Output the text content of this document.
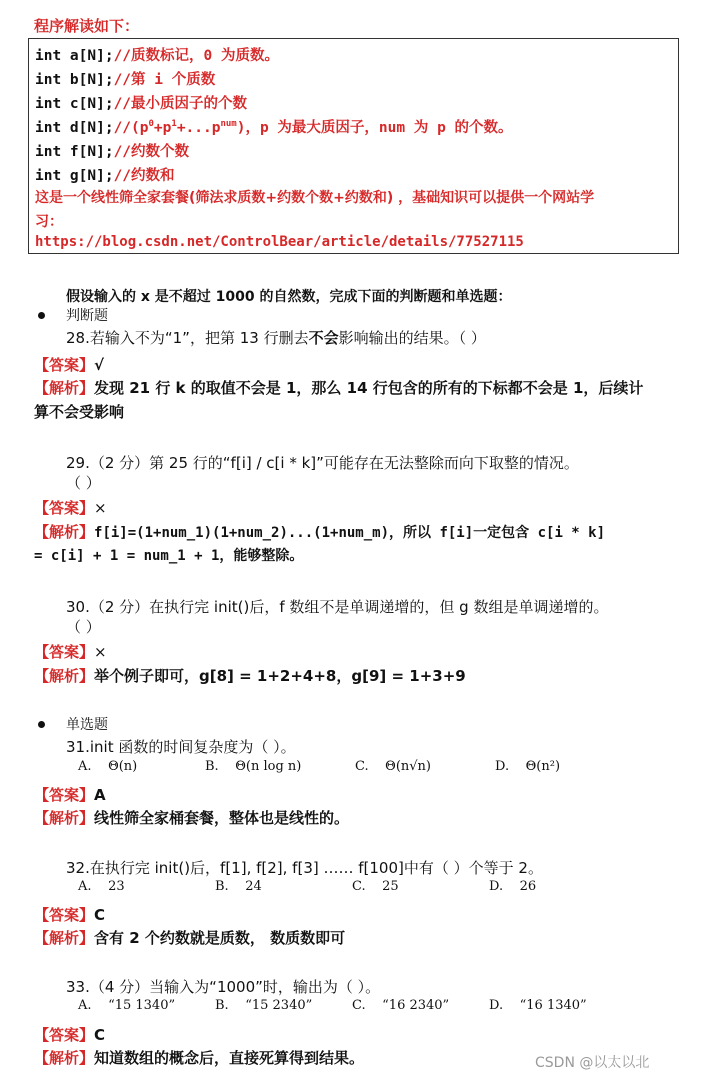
程序解读如下：
int a[N];//质数标记，0 为质数。
int b[N];//第 i 个质数
int c[N];//最小质因子的个数
int $d[N];//(p^0+p^1+...p^{num})$，p 为最大质因子，num 为 p 的个数。
int f[N];//约数个数
int g[N];//约数和
这是一个线性筛全家套餐(筛法求质数+约数个数+约数和) ，基础知识可以提供一个网站学
习：
https://blog.csdn.net/ControlBear/article/details/77527115
假设输入的 x 是不超过 1000 的自然数，完成下面的判断题和单选题：
判断题
28.若输入不为“1”，把第 13 行删去不会影响输出的结果。（ ）
【答案】√
【解析】发现 21 行 k 的取值不会是 1，那么 14 行包含的所有的下标都不会是 1，后续计
算不会受影响
29.（2 分）第 25 行的“f[i] / c[i * k]”可能存在无法整除而向下取整的情况。
（ ）
【答案】×
【解析】f[i]=(1+num_1)(1+num_2)...(1+num_m)，所以 f[i]一定包含 c[i * k]
= c[i] + 1 = num_1 + 1，能够整除。
30.（2 分）在执行完 init()后，f 数组不是单调递增的，但 g 数组是单调递增的。
（ ）
【答案】×
【解析】举个例子即可，g[8] = 1+2+4+8，g[9] = 1+3+9
单选题
31.init 函数的时间复杂度为（ ）。
A. Θ(n)	B. Θ(n log n)	C. Θ(n√n)	D. Θ(n²)
【答案】A
【解析】线性筛全家桶套餐，整体也是线性的。
32.在执行完 init()后，f[1], f[2], f[3] …… f[100]中有（ ）个等于 2。
A. 23	B. 24	C. 25	D. 26
【答案】C
【解析】含有 2 个约数就是质数， 数质数即可
33.（4 分）当输入为“1000”时，输出为（ ）。
A. “15 1340”	B. “15 2340”	C. “16 2340”	D. “16 1340”
【答案】C
【解析】知道数组的概念后，直接死算得到结果。	CSDN @以太以北
